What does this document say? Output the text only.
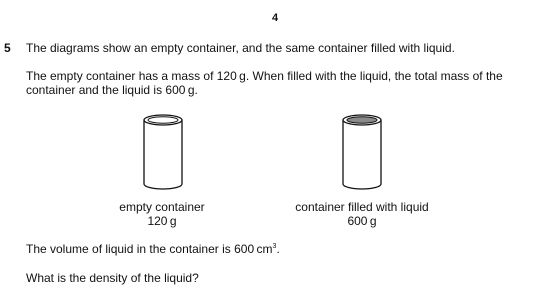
4
5 The diagrams show an empty container, and the same container filled with liquid.
The empty container has a mass of 120 g. When filled with the liquid, the total mass of the
container and the liquid is 600 g.
empty container
120 g
container filled with liquid
600 g
The volume of liquid in the container is 600 $cm^3$.
What is the density of the liquid?
